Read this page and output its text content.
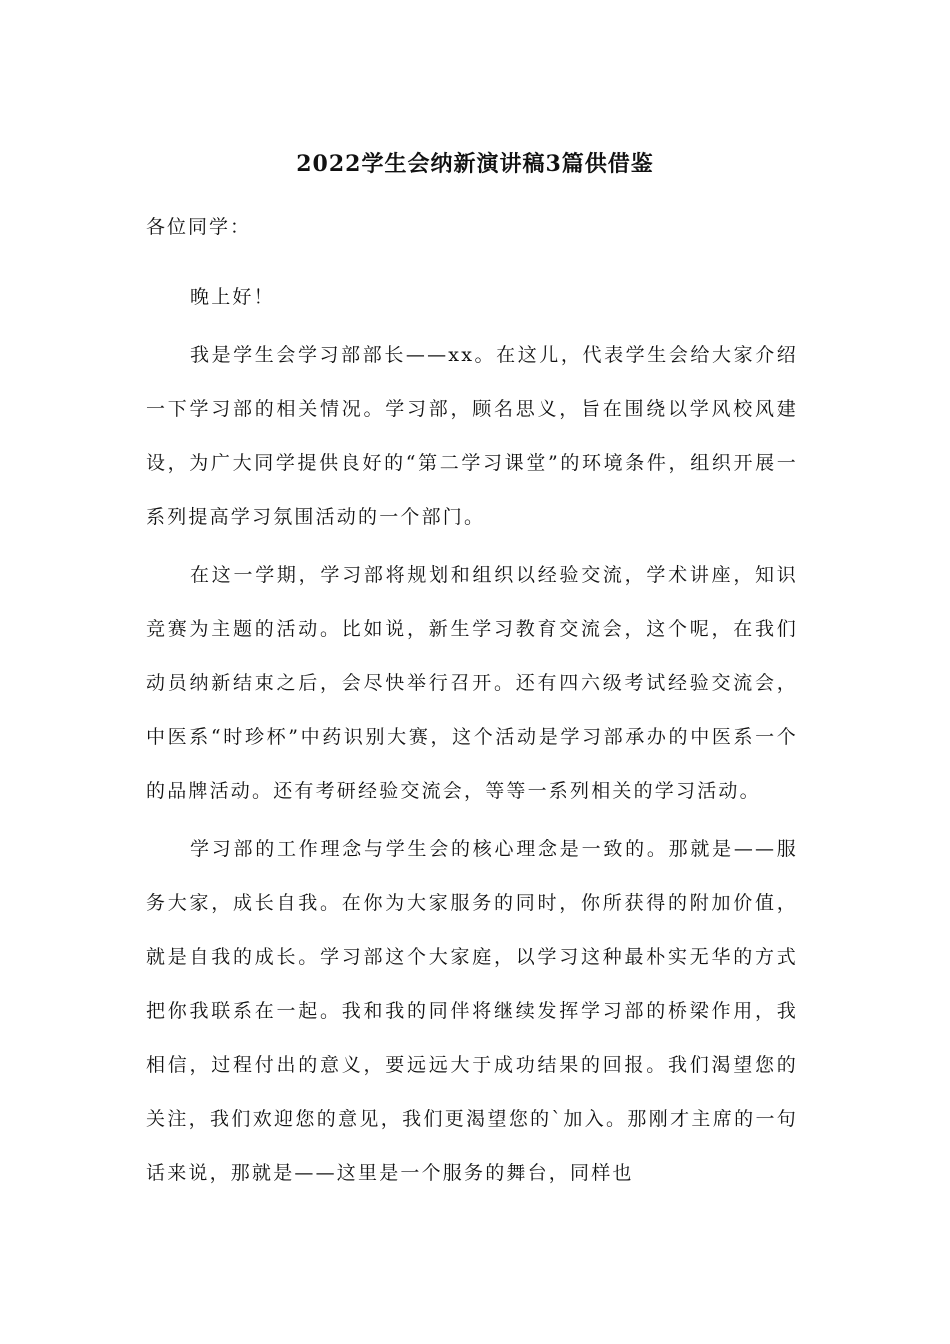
2022学生会纳新演讲稿3篇供借鉴

各位同学：

晚上好！

我是学生会学习部部长——xx。在这儿，代表学生会给大家介绍一下学习部的相关情况。学习部，顾名思义，旨在围绕以学风校风建设，为广大同学提供良好的“第二学习课堂”的环境条件，组织开展一系列提高学习氛围活动的一个部门。

在这一学期，学习部将规划和组织以经验交流，学术讲座，知识竞赛为主题的活动。比如说，新生学习教育交流会，这个呢，在我们动员纳新结束之后，会尽快举行召开。还有四六级考试经验交流会，中医系“时珍杯”中药识别大赛，这个活动是学习部承办的中医系一个的品牌活动。还有考研经验交流会，等等一系列相关的学习活动。

学习部的工作理念与学生会的核心理念是一致的。那就是——服务大家，成长自我。在你为大家服务的同时，你所获得的附加价值，就是自我的成长。学习部这个大家庭，以学习这种最朴实无华的方式把你我联系在一起。我和我的同伴将继续发挥学习部的桥梁作用，我相信，过程付出的意义，要远远大于成功结果的回报。我们渴望您的关注，我们欢迎您的意见，我们更渴望您的`加入。那刚才主席的一句话来说，那就是——这里是一个服务的舞台，同样也
